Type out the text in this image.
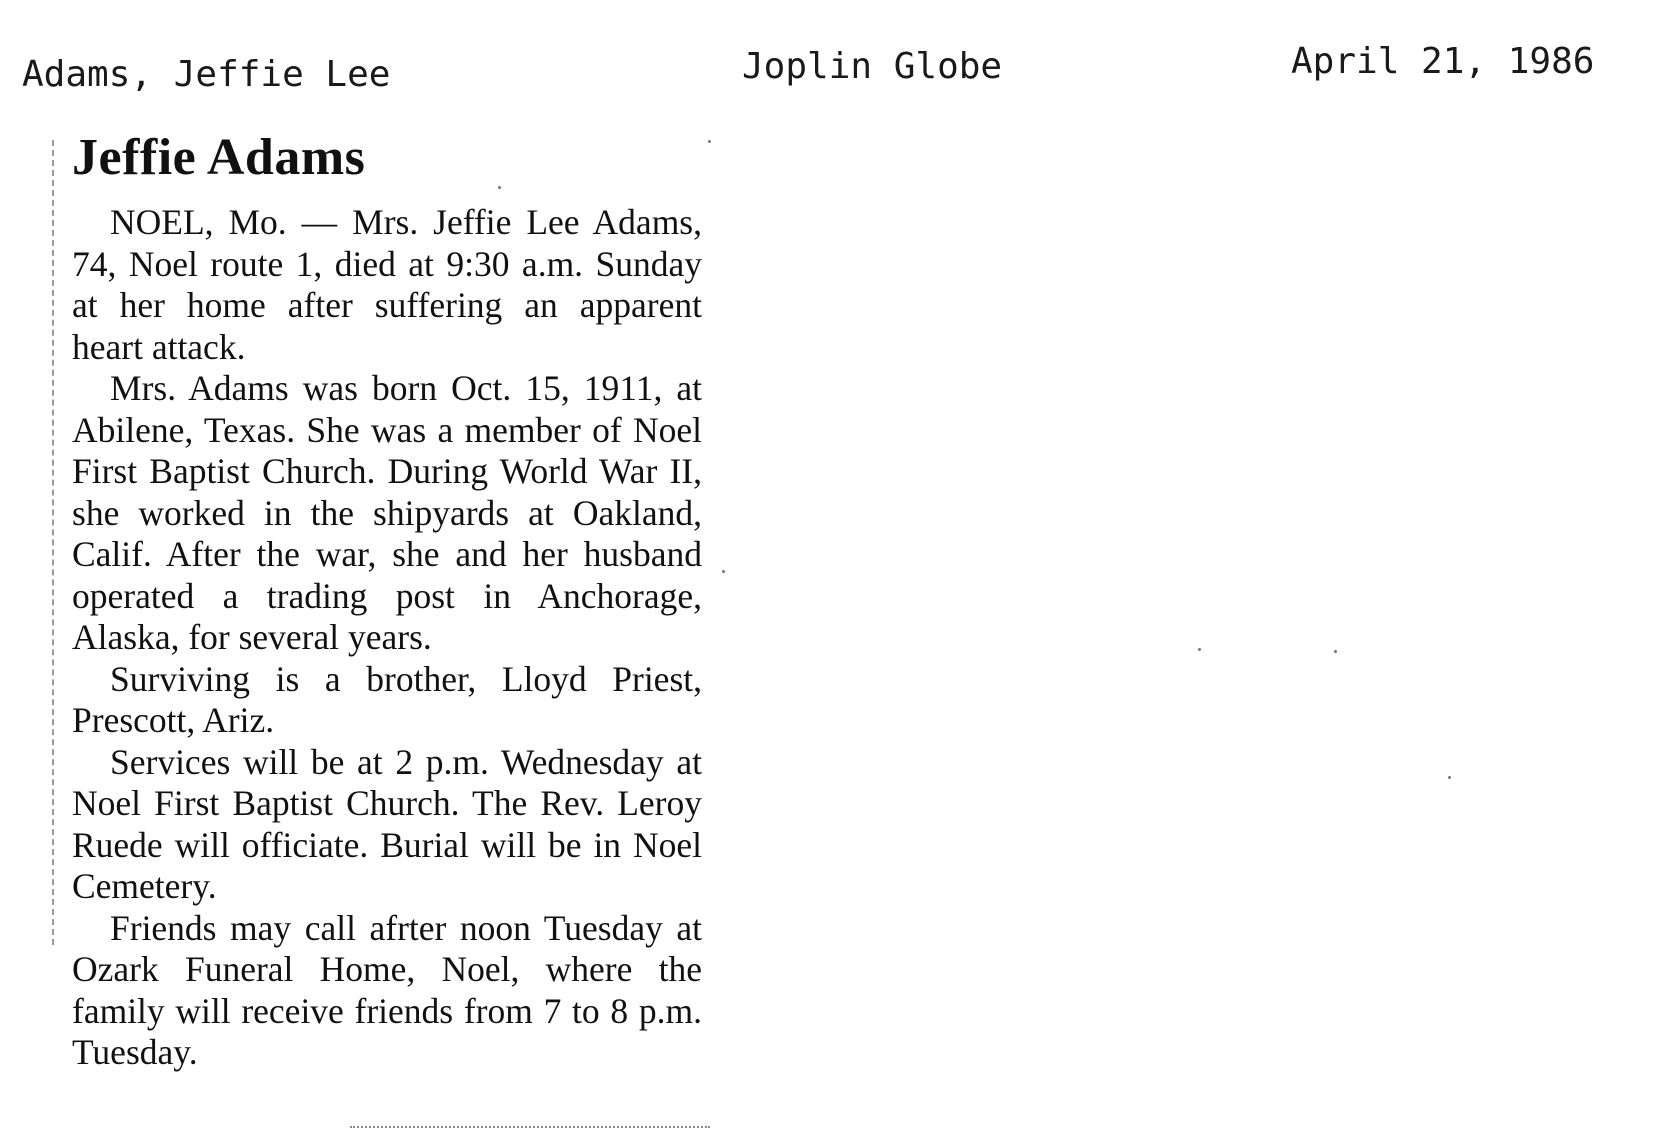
Adams, Jeffie Lee	Joplin Globe	April 21, 1986
Jeffie Adams

NOEL, Mo. — Mrs. Jeffie Lee Adams, 74, Noel route 1, died at 9:30 a.m. Sunday at her home after suffering an apparent heart attack.

Mrs. Adams was born Oct. 15, 1911, at Abilene, Texas. She was a member of Noel First Baptist Church. During World War II, she worked in the shipyards at Oakland, Calif. After the war, she and her husband operated a trading post in Anchorage, Alaska, for several years.

Surviving is a brother, Lloyd Priest, Prescott, Ariz.

Services will be at 2 p.m. Wednesday at Noel First Baptist Church. The Rev. Leroy Ruede will officiate. Burial will be in Noel Cemetery.

Friends may call afrter noon Tuesday at Ozark Funeral Home, Noel, where the family will receive friends from 7 to 8 p.m. Tuesday.
